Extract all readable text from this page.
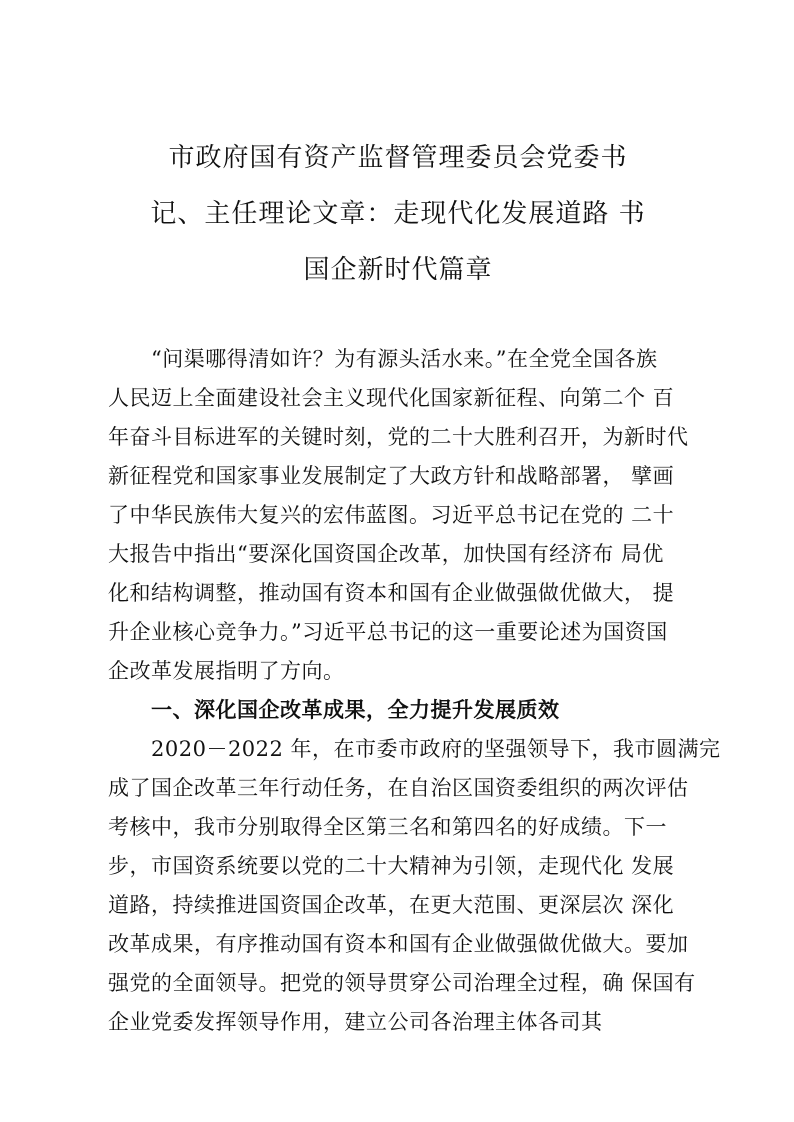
市政府国有资产监督管理委员会党委书
记、主任理论文章：走现代化发展道路 书
国企新时代篇章

　　“问渠哪得清如许？为有源头活水来。”在全党全国各族
人民迈上全面建设社会主义现代化国家新征程、向第二个 百
年奋斗目标进军的关键时刻，党的二十大胜利召开，为新时代
新征程党和国家事业发展制定了大政方针和战略部署， 擘画
了中华民族伟大复兴的宏伟蓝图。习近平总书记在党的 二十
大报告中指出“要深化国资国企改革，加快国有经济布 局优
化和结构调整，推动国有资本和国有企业做强做优做大， 提
升企业核心竞争力。”习近平总书记的这一重要论述为国资国
企改革发展指明了方向。

　　一、深化国企改革成果，全力提升发展质效

　　2020－2022 年，在市委市政府的坚强领导下，我市圆满完
成了国企改革三年行动任务，在自治区国资委组织的两次评估
考核中，我市分别取得全区第三名和第四名的好成绩。下一
步，市国资系统要以党的二十大精神为引领，走现代化 发展
道路，持续推进国资国企改革，在更大范围、更深层次 深化
改革成果，有序推动国有资本和国有企业做强做优做大。要加
强党的全面领导。把党的领导贯穿公司治理全过程，确 保国有
企业党委发挥领导作用，建立公司各治理主体各司其
